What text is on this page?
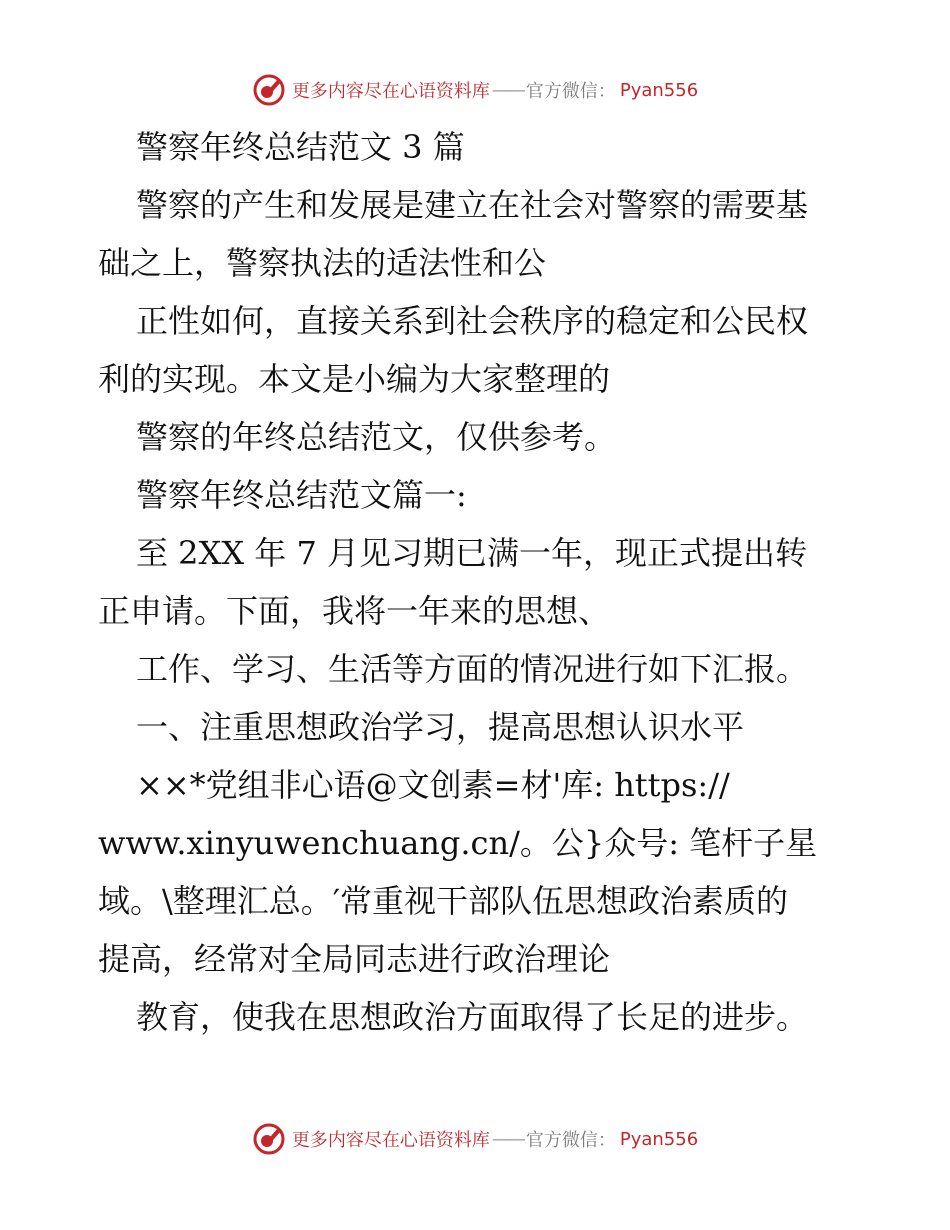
更多内容尽在心语资料库 —— 官方微信： Pyan556

警察年终总结范文 3 篇

警察的产生和发展是建立在社会对警察的需要基

础之上，警察执法的适法性和公

正性如何，直接关系到社会秩序的稳定和公民权

利的实现。本文是小编为大家整理的

警察的年终总结范文，仅供参考。

警察年终总结范文篇一:

至 2XX 年 7 月见习期已满一年，现正式提出转

正申请。下面，我将一年来的思想、

工作、学习、生活等方面的情况进行如下汇报。

一、注重思想政治学习，提高思想认识水平

××*党组非心语@文创素=材'库: https://

www.xinyuwenchuang.cn/。公}众号: 笔杆子星

域。\整理汇总。′常重视干部队伍思想政治素质的

提高，经常对全局同志进行政治理论

教育，使我在思想政治方面取得了长足的进步。

更多内容尽在心语资料库 —— 官方微信： Pyan556
